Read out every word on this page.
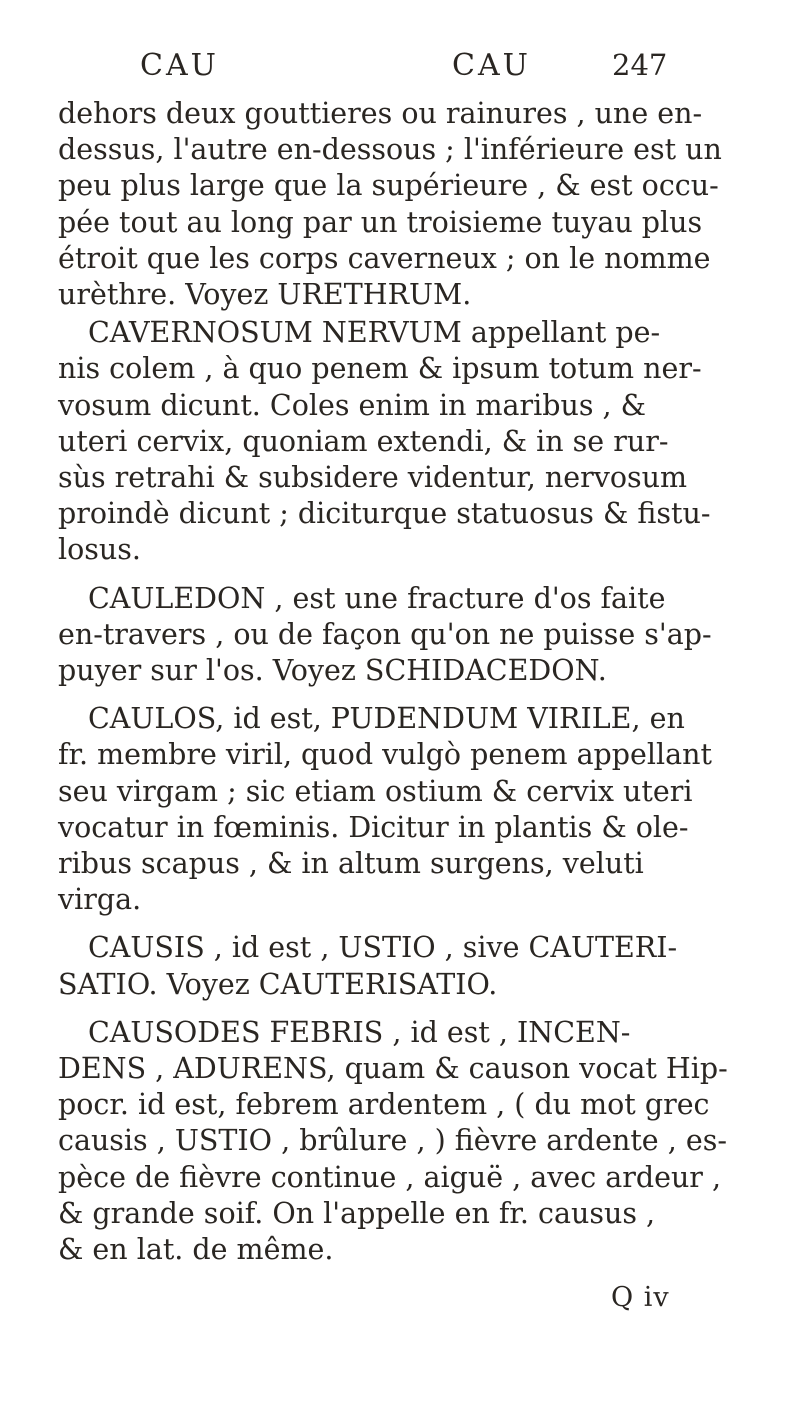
CAU	CAU	247
dehors deux gouttieres ou rainures , une en-
dessus, l'autre en-dessous ; l'inférieure est un
peu plus large que la supérieure , & est occu-
pée tout au long par un troisieme tuyau plus
étroit que les corps caverneux ; on le nomme
urèthre. Voyez URETHRUM.
CAVERNOSUM NERVUM appellant pe-
nis colem , à quo penem & ipsum totum ner-
vosum dicunt. Coles enim in maribus , &
uteri cervix, quoniam extendi, & in se rur-
sùs retrahi & subsidere videntur, nervosum
proindè dicunt ; diciturque statuosus & fistu-
losus.
CAULEDON , est une fracture d'os faite
en-travers , ou de façon qu'on ne puisse s'ap-
puyer sur l'os. Voyez SCHIDACEDON.
CAULOS, id est, PUDENDUM VIRILE, en
fr. membre viril, quod vulgò penem appellant
seu virgam ; sic etiam ostium & cervix uteri
vocatur in fœminis. Dicitur in plantis & ole-
ribus scapus , & in altum surgens, veluti
virga.
CAUSIS , id est , USTIO , sive CAUTERI-
SATIO. Voyez CAUTERISATIO.
CAUSODES FEBRIS , id est , INCEN-
DENS , ADURENS, quam & causon vocat Hip-
pocr. id est, febrem ardentem , ( du mot grec
causis , USTIO , brûlure , ) fièvre ardente , es-
pèce de fièvre continue , aiguë , avec ardeur ,
& grande soif. On l'appelle en fr. causus ,
& en lat. de même.
Q iv
